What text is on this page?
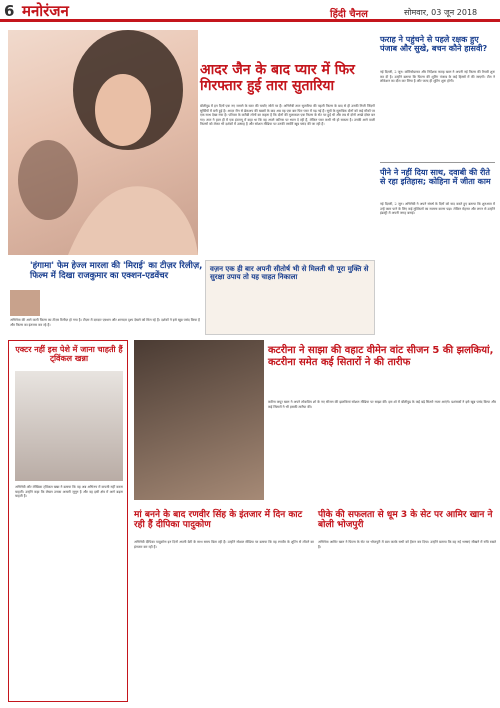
6 मनोरंजन	हिंदी चैनल	सोमवार, 03 जून 2018
आदर जैन के बाद प्यार में फिर गिरफ्तार हुई तारा सुतारिया
बॉलीवुड में इन दिनों एक नए जमाने के स्टार की चर्चाएं जोरों पर हैं। अभिनेत्री तारा सुतारिया की पहली फिल्म के बाद से ही उनकी निजी जिंदगी सुर्खियों में बनी हुई है। आदर जैन से ब्रेकअप की खबरों के बाद अब वह एक बार फिर प्यार में पड़ गई हैं। सूत्रों के मुताबिक दोनों को कई मौकों पर एक साथ देखा गया है। परिवार के करीबी लोगों का कहना है कि दोनों की मुलाकात एक फिल्म के सेट पर हुई थी और तब से दोनों अच्छे दोस्त बन गए। तारा ने हाल ही में एक इंटरव्यू में कहा था कि वह अपने करियर पर ध्यान दे रही हैं, लेकिन प्यार कभी भी हो सकता है। उनकी आने वाली फिल्मों को लेकर भी दर्शकों में उत्साह है और सोशल मीडिया पर उनकी तस्वीरें खूब पसंद की जा रही हैं।
फराह ने पहुंचने से पहले रक्षक हुए पंजाब और सुखे, बचन कौने हासवी?
नई दिल्ली, 2 जून। कोरियोग्राफर और निर्देशक फराह खान ने अपनी नई फिल्म की तैयारी शुरू कर दी है। उन्होंने बताया कि फिल्म की शूटिंग पंजाब के कई हिस्सों में की जाएगी। टीम ने लोकेशन का दौरा कर लिया है और जल्द ही शूटिंग शुरू होगी।
पीने ने नहीं दिया साथ, दवाबी की रीते से रहा इतिहास; कोहिना में जीता काम
नई दिल्ली, 2 जून। अभिनेत्री ने अपने संघर्ष के दिनों को याद करते हुए बताया कि शुरुआत में उन्हें काम पाने के लिए कई मुश्किलों का सामना करना पड़ा। लेकिन मेहनत और लगन से उन्होंने इंडस्ट्री में अपनी जगह बनाई।
'हंगामा' फेम हेज्ल मारला की 'मिराई' का टीज़र रिलीज़, फिल्म में दिखा राजकुमार का एक्शन-एडवेंचर
अभिनेता की आने वाली फिल्म का टीज़र रिलीज़ हो गया है। टीज़र में दमदार एक्शन और शानदार दृश्य देखने को मिल रहे हैं। दर्शकों ने इसे खूब पसंद किया है और फिल्म का इंतजार कर रहे हैं।
वज़न एक ही बार अपनी सीतोर्ष भी से मिलती थी पूरा मुक्ति से सुरक्षा उपाय तो यह चाहत निकाला
एक्टर नहीं इस पेशे में जाना चाहती हैं ट्विंकल खन्ना
अभिनेत्री और लेखिका ट्विंकल खन्ना ने बताया कि वह अब अभिनय में वापसी नहीं करना चाहतीं। उन्होंने कहा कि लेखन उनका असली जुनून है और वह इसी क्षेत्र में आगे बढ़ना चाहती हैं।
कटरीना ने साझा की वहाट वीमेन वांट सीजन 5 की झलकियां, कटरीना समेत कई सितारों ने की तारीफ
करीना कपूर खान ने अपने लोकप्रिय शो के नए सीजन की झलकियां सोशल मीडिया पर साझा कीं। इस शो में बॉलीवुड के कई बड़े सितारे नजर आएंगे। प्रशंसकों ने इसे खूब पसंद किया और कई सितारों ने भी इसकी तारीफ की।
मां बनने के बाद रणवीर सिंह के इंतजार में दिन काट रही हैं दीपिका पादुकोण
अभिनेत्री दीपिका पादुकोण इन दिनों अपनी बेटी के साथ समय बिता रही हैं। उन्होंने सोशल मीडिया पर बताया कि वह रणवीर के शूटिंग से लौटने का इंतजार कर रही हैं।
पीके की सफलता से धूम 3 के सेट पर आमिर खान ने बोली भोजपुरी
अभिनेता आमिर खान ने फिल्म के सेट पर भोजपुरी में बात करके सभी को हैरान कर दिया। उन्होंने बताया कि वह नई भाषाएं सीखने में रुचि रखते हैं।
